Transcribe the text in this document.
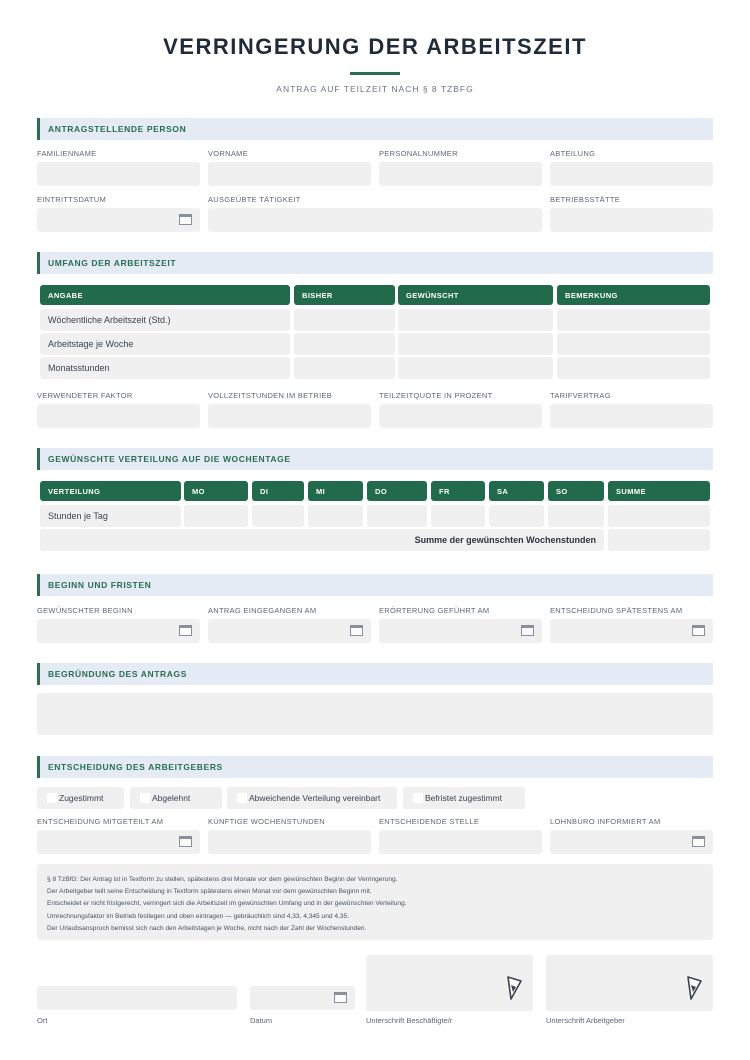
VERRINGERUNG DER ARBEITSZEIT
ANTRAG AUF TEILZEIT NACH § 8 TZBFG
ANTRAGSTELLENDE PERSON
FAMILIENNAME	VORNAME	PERSONALNUMMER	ABTEILUNG
EINTRITTSDATUM	AUSGEÜBTE TÄTIGKEIT	BETRIEBSSTÄTTE
UMFANG DER ARBEITSZEIT
ANGABE	BISHER	GEWÜNSCHT	BEMERKUNG
Wöchentliche Arbeitszeit (Std.)
Arbeitstage je Woche
Monatsstunden
VERWENDETER FAKTOR	VOLLZEITSTUNDEN IM BETRIEB	TEILZEITQUOTE IN PROZENT	TARIFVERTRAG
GEWÜNSCHTE VERTEILUNG AUF DIE WOCHENTAGE
VERTEILUNG	MO	DI	MI	DO	FR	SA	SO	SUMME
Stunden je Tag
Summe der gewünschten Wochenstunden
BEGINN UND FRISTEN
GEWÜNSCHTER BEGINN	ANTRAG EINGEGANGEN AM	ERÖRTERUNG GEFÜHRT AM	ENTSCHEIDUNG SPÄTESTENS AM
BEGRÜNDUNG DES ANTRAGS
ENTSCHEIDUNG DES ARBEITGEBERS
Zugestimmt	Abgelehnt	Abweichende Verteilung vereinbart	Befristet zugestimmt
ENTSCHEIDUNG MITGETEILT AM	KÜNFTIGE WOCHENSTUNDEN	ENTSCHEIDENDE STELLE	LOHNBÜRO INFORMIERT AM
§ 8 TzBfG: Der Antrag ist in Textform zu stellen, spätestens drei Monate vor dem gewünschten Beginn der Verringerung.
Der Arbeitgeber teilt seine Entscheidung in Textform spätestens einen Monat vor dem gewünschten Beginn mit.
Entscheidet er nicht fristgerecht, verringert sich die Arbeitszeit im gewünschten Umfang und in der gewünschten Verteilung.
Umrechnungsfaktor im Betrieb festlegen und oben eintragen — gebräuchlich sind 4,33, 4,345 und 4,35.
Der Urlaubsanspruch bemisst sich nach den Arbeitstagen je Woche, nicht nach der Zahl der Wochenstunden.
Ort	Datum	Unterschrift Beschäftigte/r	Unterschrift Arbeitgeber
